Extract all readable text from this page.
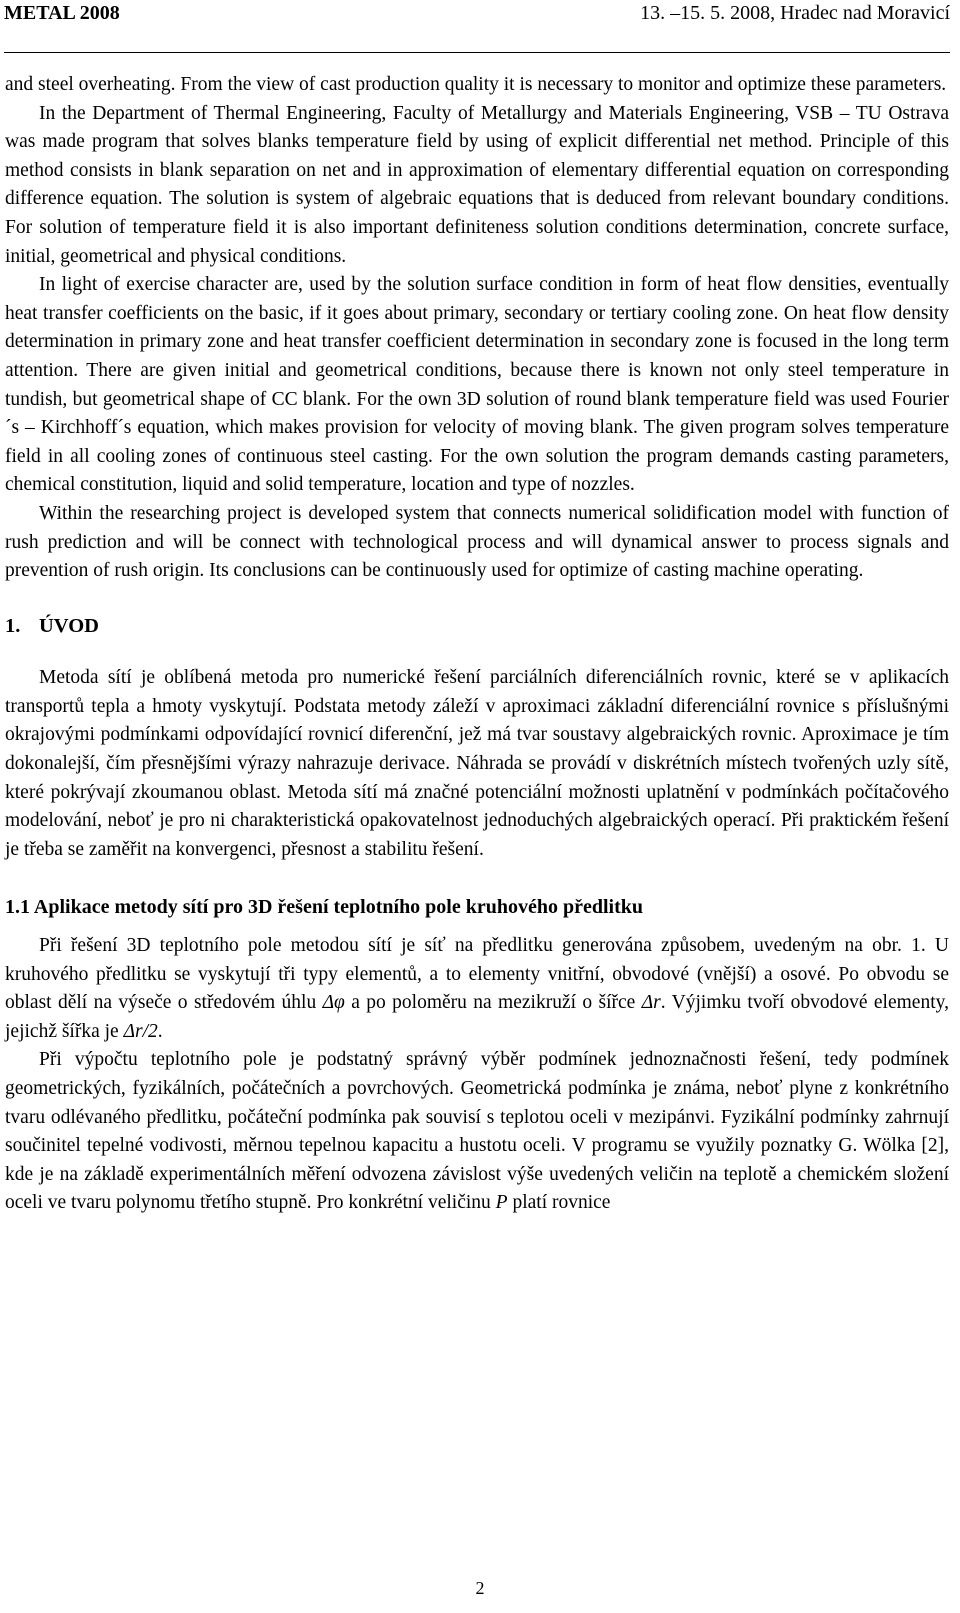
METAL 2008	13. –15. 5. 2008, Hradec nad Moravicí

and steel overheating. From the view of cast production quality it is necessary to monitor and optimize these parameters.

In the Department of Thermal Engineering, Faculty of Metallurgy and Materials Engineering, VSB – TU Ostrava was made program that solves blanks temperature field by using of explicit differential net method. Principle of this method consists in blank separation on net and in approximation of elementary differential equation on corresponding difference equation. The solution is system of algebraic equations that is deduced from relevant boundary conditions. For solution of temperature field it is also important definiteness solution conditions determination, concrete surface, initial, geometrical and physical conditions.

In light of exercise character are, used by the solution surface condition in form of heat flow densities, eventually heat transfer coefficients on the basic, if it goes about primary, secondary or tertiary cooling zone. On heat flow density determination in primary zone and heat transfer coefficient determination in secondary zone is focused in the long term attention. There are given initial and geometrical conditions, because there is known not only steel temperature in tundish, but geometrical shape of CC blank. For the own 3D solution of round blank temperature field was used Fourier´s – Kirchhoff´s equation, which makes provision for velocity of moving blank. The given program solves temperature field in all cooling zones of continuous steel casting. For the own solution the program demands casting parameters, chemical constitution, liquid and solid temperature, location and type of nozzles.

Within the researching project is developed system that connects numerical solidification model with function of rush prediction and will be connect with technological process and will dynamical answer to process signals and prevention of rush origin. Its conclusions can be continuously used for optimize of casting machine operating.

1. ÚVOD

Metoda sítí je oblíbená metoda pro numerické řešení parciálních diferenciálních rovnic, které se v aplikacích transportů tepla a hmoty vyskytují. Podstata metody záleží v aproximaci základní diferenciální rovnice s příslušnými okrajovými podmínkami odpovídající rovnicí diferenční, jež má tvar soustavy algebraických rovnic. Aproximace je tím dokonalejší, čím přesnějšími výrazy nahrazuje derivace. Náhrada se provádí v diskrétních místech tvořených uzly sítě, které pokrývají zkoumanou oblast. Metoda sítí má značné potenciální možnosti uplatnění v podmínkách počítačového modelování, neboť je pro ni charakteristická opakovatelnost jednoduchých algebraických operací. Při praktickém řešení je třeba se zaměřit na konvergenci, přesnost a stabilitu řešení.

1.1 Aplikace metody sítí pro 3D řešení teplotního pole kruhového předlitku

Při řešení 3D teplotního pole metodou sítí je síť na předlitku generována způsobem, uvedeným na obr. 1. U kruhového předlitku se vyskytují tři typy elementů, a to elementy vnitřní, obvodové (vnější) a osové. Po obvodu se oblast dělí na výseče o středovém úhlu Δφ a po poloměru na mezikruží o šířce Δr. Výjimku tvoří obvodové elementy, jejichž šířka je Δr/2.

Při výpočtu teplotního pole je podstatný správný výběr podmínek jednoznačnosti řešení, tedy podmínek geometrických, fyzikálních, počátečních a povrchových. Geometrická podmínka je známa, neboť plyne z konkrétního tvaru odlévaného předlitku, počáteční podmínka pak souvisí s teplotou oceli v mezipánvi. Fyzikální podmínky zahrnují součinitel tepelné vodivosti, měrnou tepelnou kapacitu a hustotu oceli. V programu se využily poznatky G. Wölka [2], kde je na základě experimentálních měření odvozena závislost výše uvedených veličin na teplotě a chemickém složení oceli ve tvaru polynomu třetího stupně. Pro konkrétní veličinu P platí rovnice

2
